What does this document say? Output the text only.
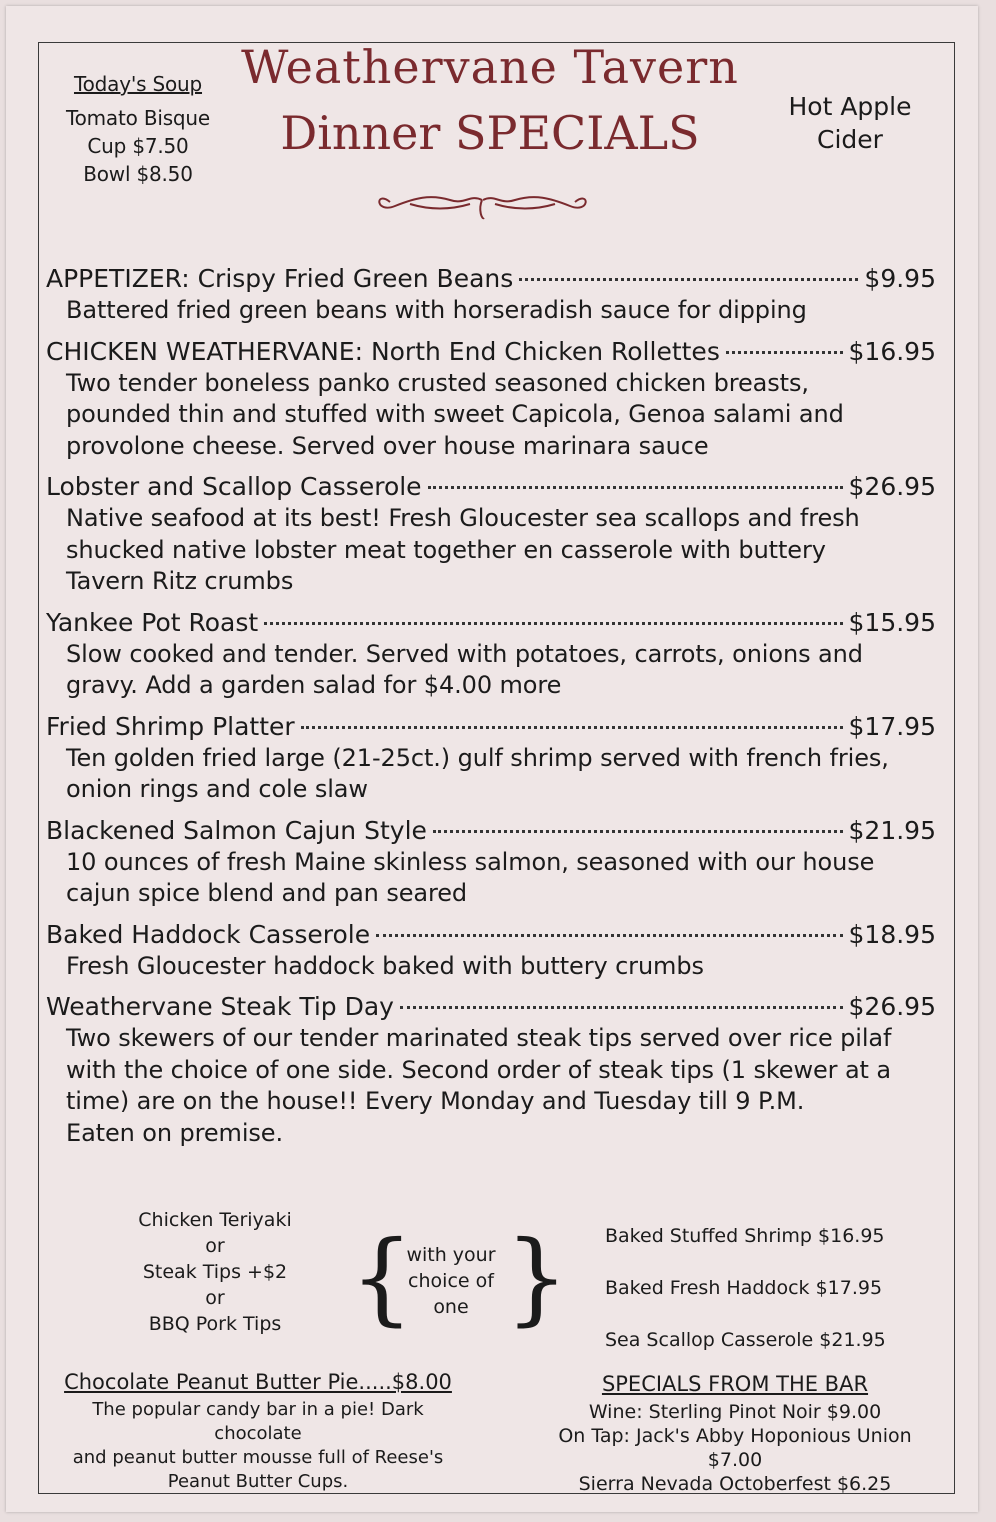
Today's Soup
Tomato Bisque
Cup $7.50
Bowl $8.50
Weathervane Tavern
Dinner SPECIALS	Hot Apple
Cider
APPETIZER: Crispy Fried Green Beans	$9.95
Battered fried green beans with horseradish sauce for dipping
CHICKEN WEATHERVANE: North End Chicken Rollettes	$16.95
Two tender boneless panko crusted seasoned chicken breasts,
pounded thin and stuffed with sweet Capicola, Genoa salami and
provolone cheese. Served over house marinara sauce
Lobster and Scallop Casserole	$26.95
Native seafood at its best! Fresh Gloucester sea scallops and fresh
shucked native lobster meat together en casserole with buttery
Tavern Ritz crumbs
Yankee Pot Roast	$15.95
Slow cooked and tender. Served with potatoes, carrots, onions and
gravy. Add a garden salad for $4.00 more
Fried Shrimp Platter	$17.95
Ten golden fried large (21-25ct.) gulf shrimp served with french fries,
onion rings and cole slaw
Blackened Salmon Cajun Style	$21.95
10 ounces of fresh Maine skinless salmon, seasoned with our house
cajun spice blend and pan seared
Baked Haddock Casserole	$18.95
Fresh Gloucester haddock baked with buttery crumbs
Weathervane Steak Tip Day	$26.95
Two skewers of our tender marinated steak tips served over rice pilaf
with the choice of one side. Second order of steak tips (1 skewer at a
time) are on the house!! Every Monday and Tuesday till 9 P.M.
Eaten on premise.
Chicken Teriyaki
or
Steak Tips +$2
or
BBQ Pork Tips {
with your
choice of
one } Baked Stuffed Shrimp $16.95
Baked Fresh Haddock $17.95
Sea Scallop Casserole $21.95
Chocolate Peanut Butter Pie.....$8.00
The popular candy bar in a pie! Dark chocolate
and peanut butter mousse full of Reese's
Peanut Butter Cups.
SPECIALS FROM THE BAR
Wine: Sterling Pinot Noir $9.00
On Tap: Jack's Abby Hoponious Union $7.00
Sierra Nevada Octoberfest $6.25
